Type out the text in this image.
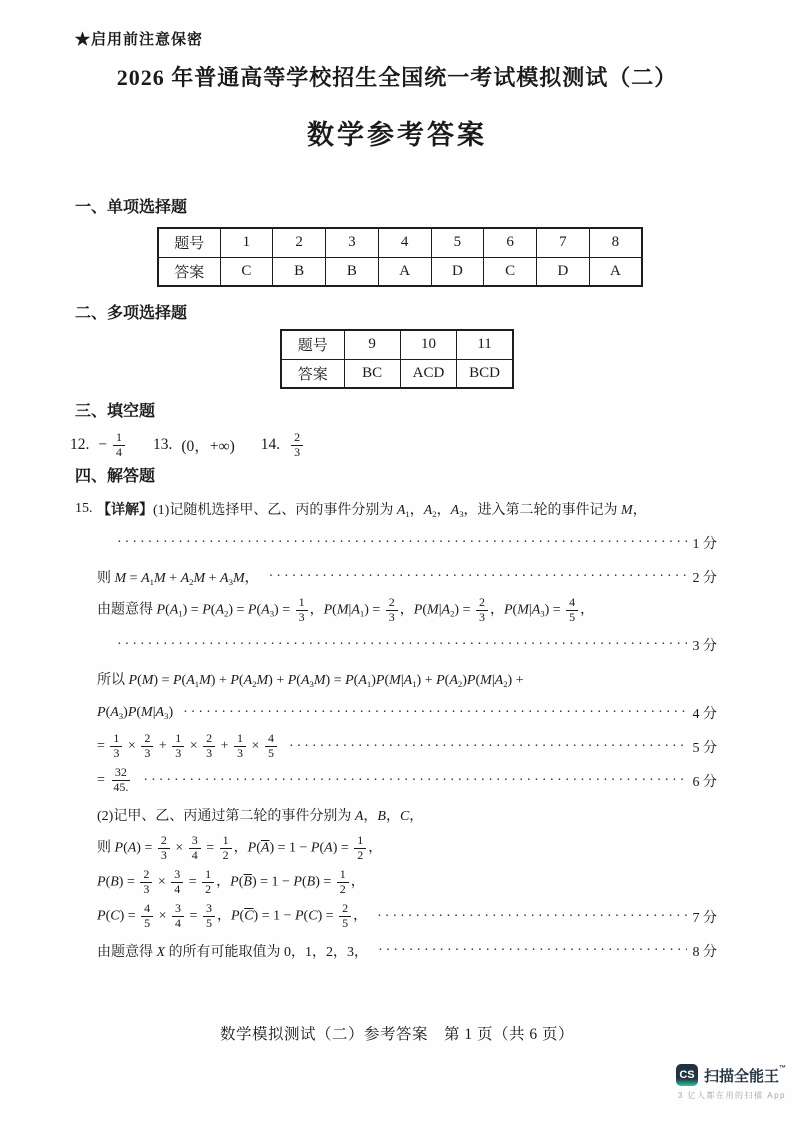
★启用前注意保密
2026 年普通高等学校招生全国统一考试模拟测试（二）
数学参考答案
一、单项选择题
题号	1	2	3	4	5	6	7	8
答案	C	B	B	A	D	C	D	A
二、多项选择题
题号	9	10	11
答案	BC	ACD	BCD
三、填空题
12. − $\frac{1}{4} 13$. (0，+∞) 14. $\frac{2}{3}$
四、解答题
15. 【详解】(1)记随机选择甲、乙、丙的事件分别为 $A_1$，$A_2$，$A_3$，进入第二轮的事件记为 M，
·····
1 分
则 $M = A_1M + A_2M + A_3M$， ·····	2 分
由题意得 $P(A_1) = P(A_2) = P(A_3) = \frac{1}{3}$ ，$P(M|A_1) = \frac{2}{3}$ ，$P(M|A_2) = \frac{2}{3}$ ，$P(M|A_3) = \frac{4}{5}$ ，
·····
3 分
所以 $P(M) = P(A_1M) + P(A_2M) + P(A_3M) = P(A_1)P(M|A_1) + P(A_2)P(M|A_2)$ +
$P(A_3)P(M|A_3)$ ·····	4 分
= $\frac{1}{3} \times \frac{2}{3} + \frac{1}{3} \times \frac{2}{3} + \frac{1}{3} \times \frac{4}{5}$ ·····	5 分
= $\frac{32}{45.}$ ·····	6 分
(2)记甲、乙、丙通过第二轮的事件分别为 A，B，C，
则 $P(A) = \frac{2}{3} \times \frac{3}{4} = \frac{1}{2}$ ，$P(\overline{A}) = 1 - P(A) = \frac{1}{2}$ ，
$P(B) = \frac{2}{3} \times \frac{3}{4} = \frac{1}{2}$ ，$P(\overline{B}) = 1 - P(B) = \frac{1}{2}$ ，
$P(C) = \frac{4}{5} \times \frac{3}{4} = \frac{3}{5}$ ，$P(\overline{C}) = 1 - P(C) = \frac{2}{5}$ ， ·····	7 分
由题意得 X 的所有可能取值为 0，1，2，3， ·····	8 分
数学模拟测试（二）参考答案　第 1 页（共 6 页）
CS 扫描全能王™
3 亿人都在用的扫描 App
